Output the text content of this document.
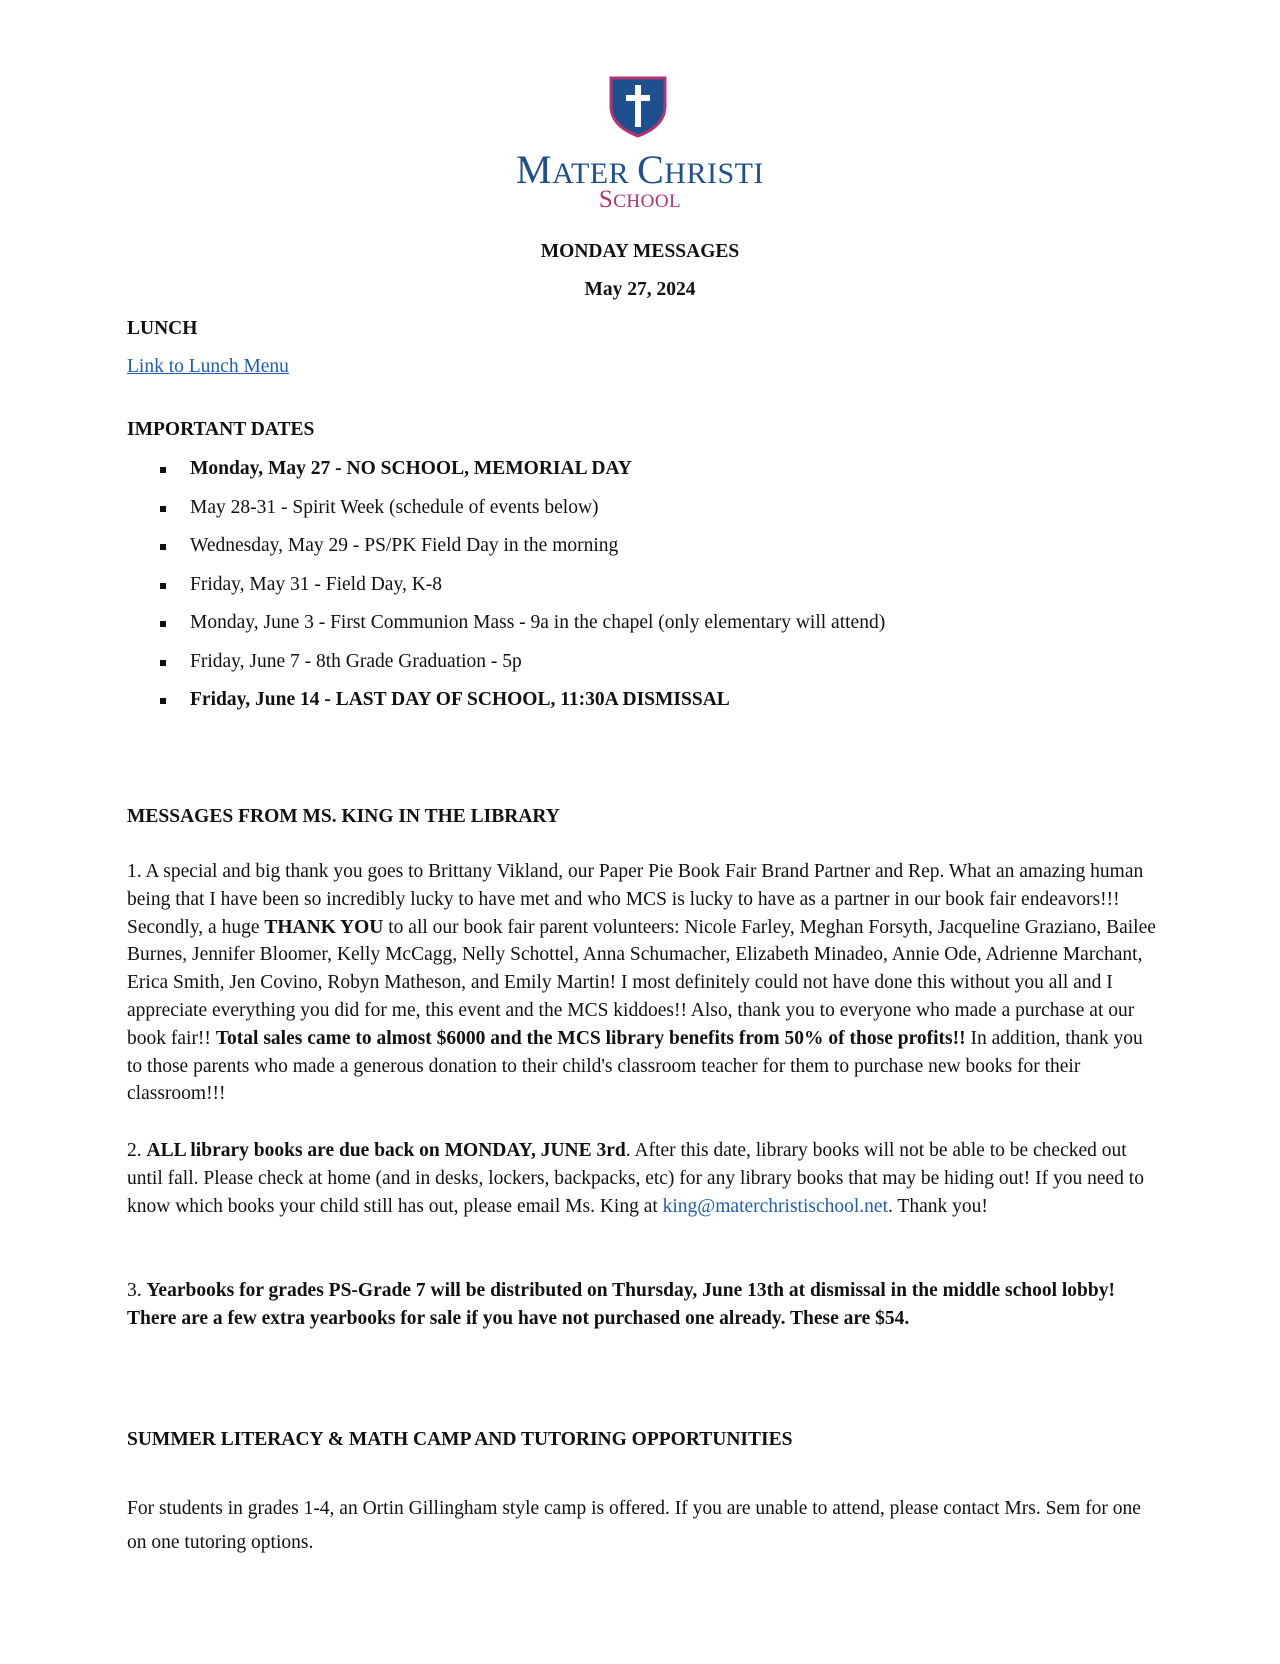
MATER CHRISTI
SCHOOL
MONDAY MESSAGES
May 27, 2024
LUNCH
Link to Lunch Menu
IMPORTANT DATES
Monday, May 27 - NO SCHOOL, MEMORIAL DAY
May 28-31 - Spirit Week (schedule of events below)
Wednesday, May 29 - PS/PK Field Day in the morning
Friday, May 31 - Field Day, K-8
Monday, June 3 - First Communion Mass - 9a in the chapel (only elementary will attend)
Friday, June 7 - 8th Grade Graduation - 5p
Friday, June 14 - LAST DAY OF SCHOOL, 11:30A DISMISSAL
MESSAGES FROM MS. KING IN THE LIBRARY
1. A special and big thank you goes to Brittany Vikland, our Paper Pie Book Fair Brand Partner and Rep. What an amazing human being that I have been so incredibly lucky to have met and who MCS is lucky to have as a partner in our book fair endeavors!!! Secondly, a huge THANK YOU to all our book fair parent volunteers: Nicole Farley, Meghan Forsyth, Jacqueline Graziano, Bailee Burnes, Jennifer Bloomer, Kelly McCagg, Nelly Schottel, Anna Schumacher, Elizabeth Minadeo, Annie Ode, Adrienne Marchant, Erica Smith, Jen Covino, Robyn Matheson, and Emily Martin! I most definitely could not have done this without you all and I appreciate everything you did for me, this event and the MCS kiddoes!! Also, thank you to everyone who made a purchase at our book fair!! Total sales came to almost $6000 and the MCS library benefits from 50% of those profits!! In addition, thank you to those parents who made a generous donation to their child's classroom teacher for them to purchase new books for their classroom!!!
2. ALL library books are due back on MONDAY, JUNE 3rd. After this date, library books will not be able to be checked out until fall. Please check at home (and in desks, lockers, backpacks, etc) for any library books that may be hiding out! If you need to know which books your child still has out, please email Ms. King at king@materchristischool.net. Thank you!
3. Yearbooks for grades PS-Grade 7 will be distributed on Thursday, June 13th at dismissal in the middle school lobby! There are a few extra yearbooks for sale if you have not purchased one already. These are $54.
SUMMER LITERACY & MATH CAMP AND TUTORING OPPORTUNITIES
For students in grades 1-4, an Ortin Gillingham style camp is offered. If you are unable to attend, please contact Mrs. Sem for one on one tutoring options.
